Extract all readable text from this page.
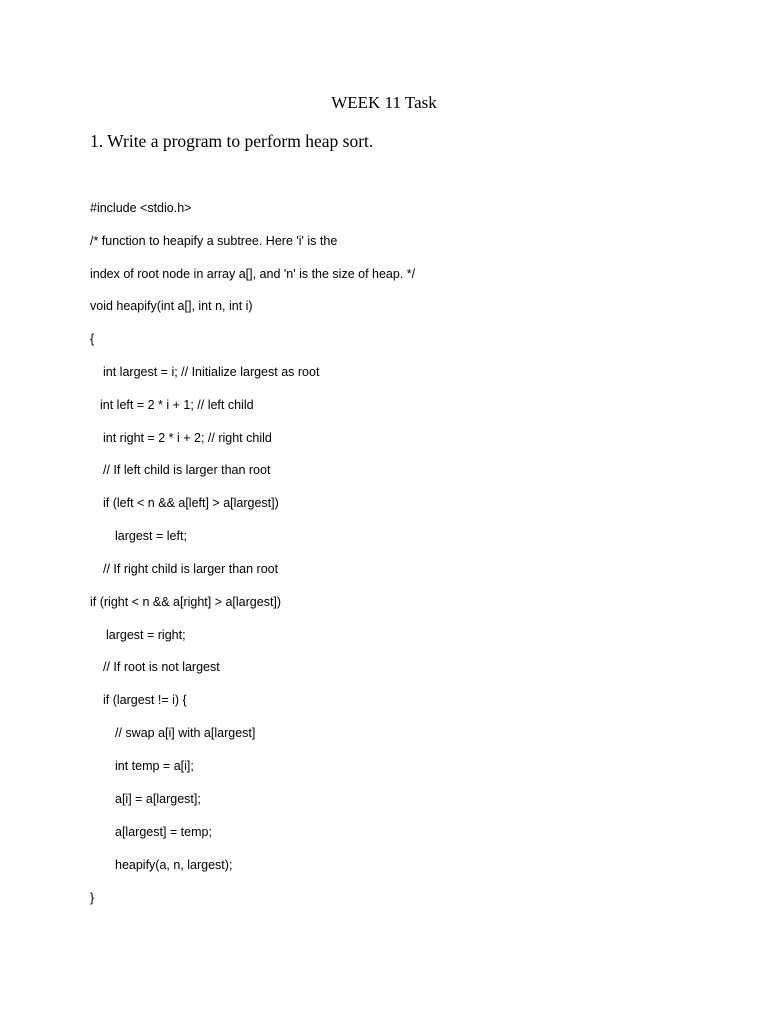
WEEK 11 Task
1. Write a program to perform heap sort.
#include <stdio.h>
/* function to heapify a subtree. Here 'i' is the
index of root node in array a[], and 'n' is the size of heap. */
void heapify(int a[], int n, int i)
{
int largest = i; // Initialize largest as root
int left = 2 * i + 1; // left child
int right = 2 * i + 2; // right child
// If left child is larger than root
if (left < n && a[left] > a[largest])
largest = left;
// If right child is larger than root
if (right < n && a[right] > a[largest])
largest = right;
// If root is not largest
if (largest != i) {
// swap a[i] with a[largest]
int temp = a[i];
a[i] = a[largest];
a[largest] = temp;
heapify(a, n, largest);
}
